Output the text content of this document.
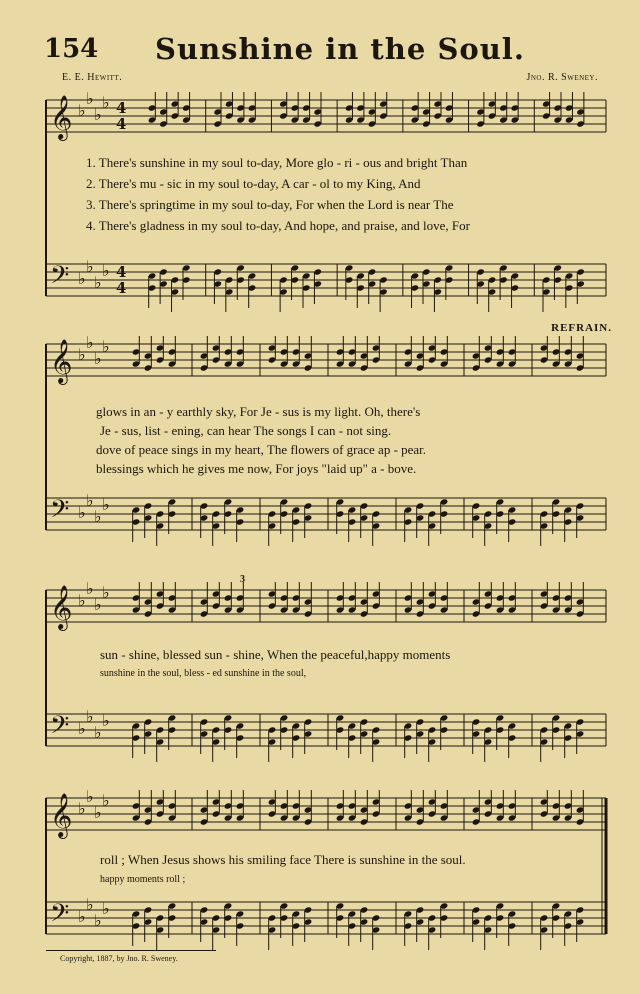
154 Sunshine in the Soul.
E. E. Hewitt.	Jno. R. Sweney.
𝄞
𝄢
♭
♭
♭
♭
♭
♭
♭
♭
4
4
4
4
1. There's sunshine in my soul to-day, More glo - ri - ous and bright Than
2. There's mu - sic in my soul to-day, A car - ol to my King, And
3. There's springtime in my soul to-day, For when the Lord is near The
4. There's gladness in my soul to-day, And hope, and praise, and love, For
REFRAIN.
𝄞
𝄢
♭
♭
♭
♭
♭
♭
♭
♭
glows in an - y earthly sky, For Je - sus is my light. Oh, there's
Je - sus, list - ening, can hear The songs I can - not sing.
dove of peace sings in my heart, The flowers of grace ap - pear.
blessings which he gives me now, For joys "laid up" a - bove.
𝄞
𝄢
♭
♭
♭
♭
♭
♭
♭
♭
sun - shine, blessed sun - shine, When the peaceful,happy moments
sunshine in the soul, bless - ed sunshine in the soul,
3
𝄞
𝄢
♭
♭
♭
♭
♭
♭
♭
♭
roll ; When Jesus shows his smiling face There is sunshine in the soul.
happy moments roll ;
Copyright, 1887, by Jno. R. Sweney.
